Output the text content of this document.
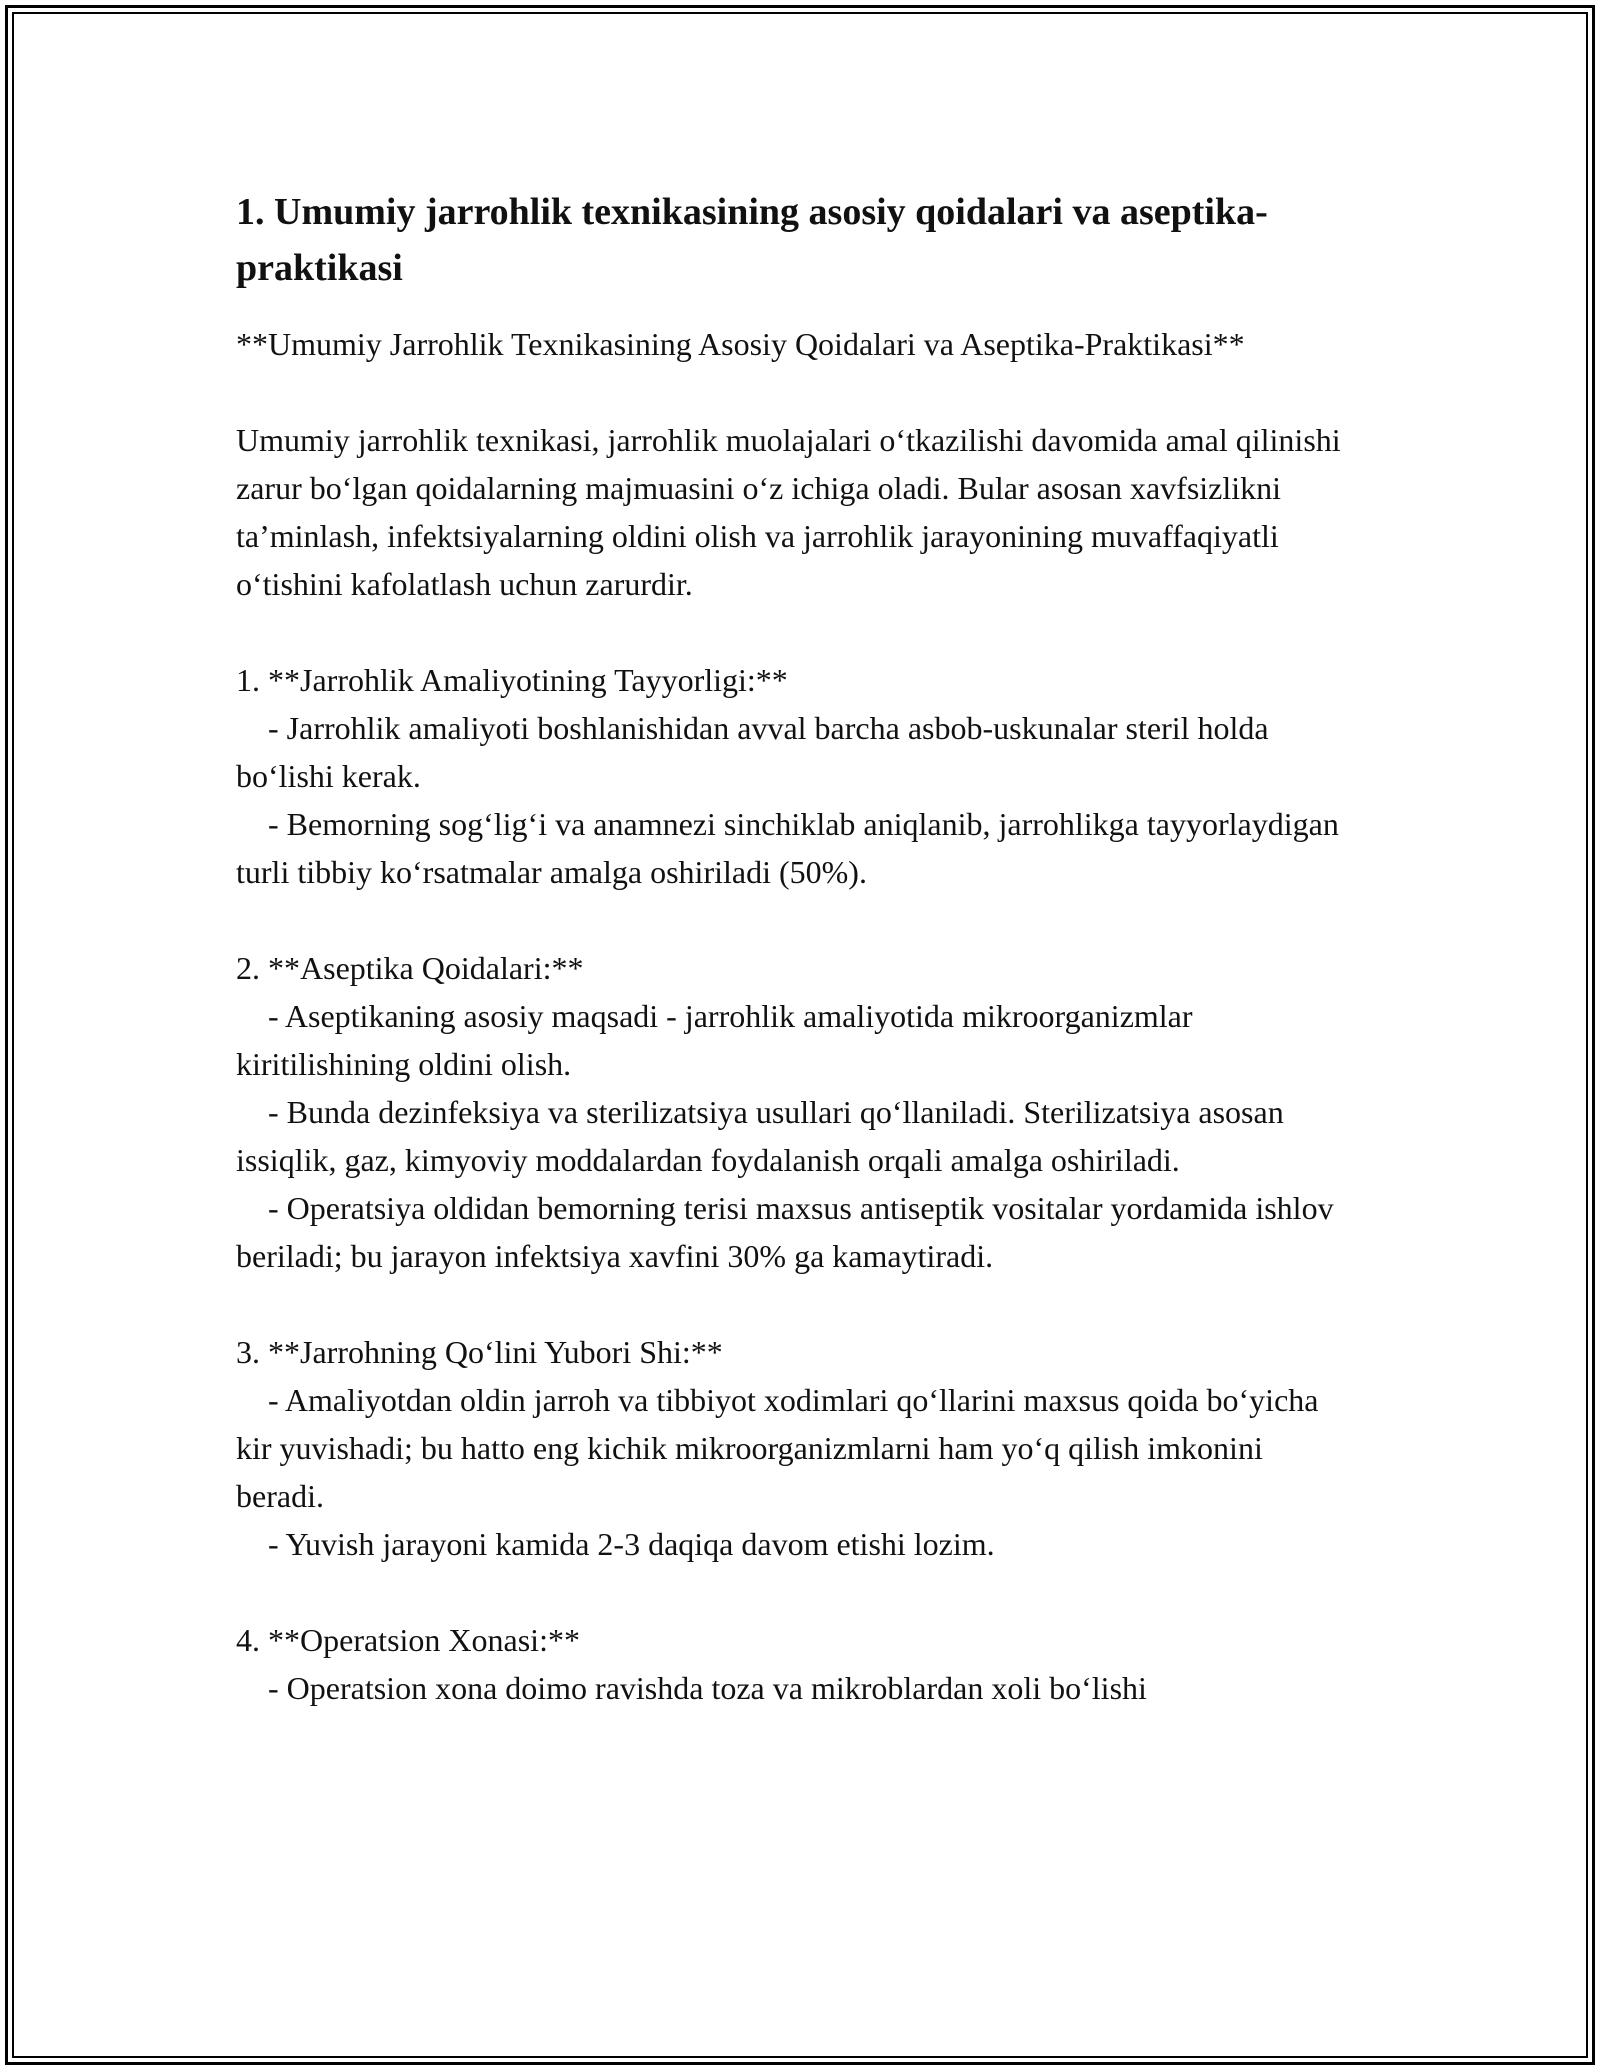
1. Umumiy jarrohlik texnikasining asosiy qoidalari va aseptika-praktikasi

**Umumiy Jarrohlik Texnikasining Asosiy Qoidalari va Aseptika-Praktikasi**

Umumiy jarrohlik texnikasi, jarrohlik muolajalari o‘tkazilishi davomida amal qilinishi zarur bo‘lgan qoidalarning majmuasini o‘z ichiga oladi. Bular asosan xavfsizlikni ta’minlash, infektsiyalarning oldini olish va jarrohlik jarayonining muvaffaqiyatli o‘tishini kafolatlash uchun zarurdir.

1. **Jarrohlik Amaliyotining Tayyorligi:**
- Jarrohlik amaliyoti boshlanishidan avval barcha asbob-uskunalar steril holda bo‘lishi kerak.
- Bemorning sog‘lig‘i va anamnezi sinchiklab aniqlanib, jarrohlikga tayyorlaydigan turli tibbiy ko‘rsatmalar amalga oshiriladi (50%).

2. **Aseptika Qoidalari:**
- Aseptikaning asosiy maqsadi - jarrohlik amaliyotida mikroorganizmlar kiritilishining oldini olish.
- Bunda dezinfeksiya va sterilizatsiya usullari qo‘llaniladi. Sterilizatsiya asosan issiqlik, gaz, kimyoviy moddalardan foydalanish orqali amalga oshiriladi.
- Operatsiya oldidan bemorning terisi maxsus antiseptik vositalar yordamida ishlov beriladi; bu jarayon infektsiya xavfini 30% ga kamaytiradi.

3. **Jarrohning Qo‘lini Yubori Shi:**
- Amaliyotdan oldin jarroh va tibbiyot xodimlari qo‘llarini maxsus qoida bo‘yicha kir yuvishadi; bu hatto eng kichik mikroorganizmlarni ham yo‘q qilish imkonini beradi.
- Yuvish jarayoni kamida 2-3 daqiqa davom etishi lozim.

4. **Operatsion Xonasi:**
- Operatsion xona doimo ravishda toza va mikroblardan xoli bo‘lishi
